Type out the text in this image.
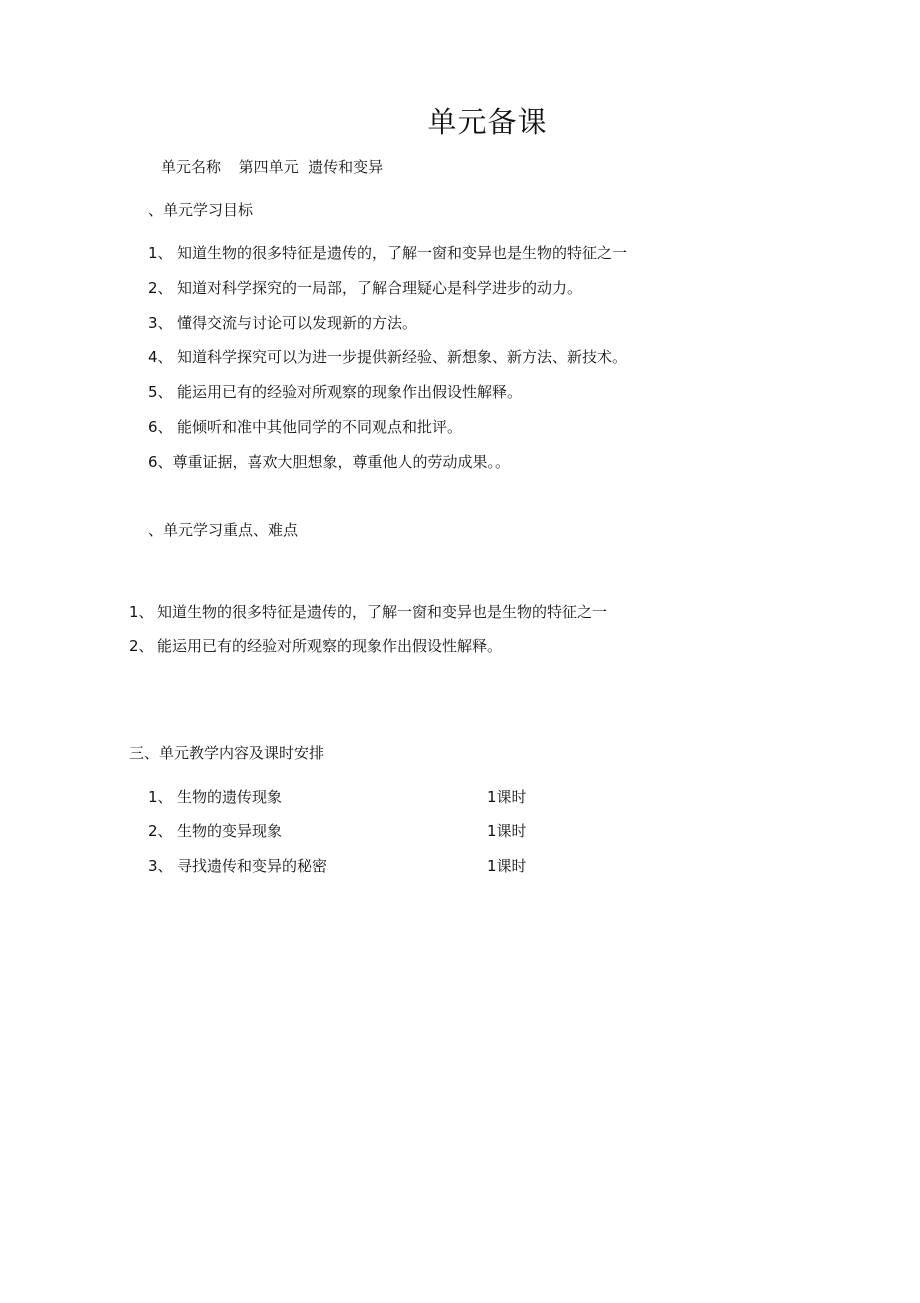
单元备课
单元名称 第四单元  遗传和变异
、单元学习目标
1、 知道生物的很多特征是遗传的，了解一窗和变异也是生物的特征之一
2、 知道对科学探究的一局部，了解合理疑心是科学进步的动力。
3、 懂得交流与讨论可以发现新的方法。
4、 知道科学探究可以为进一步提供新经验、新想象、新方法、新技术。
5、 能运用已有的经验对所观察的现象作出假设性解释。
6、 能倾听和准中其他同学的不同观点和批评。
6、尊重证据，喜欢大胆想象，尊重他人的劳动成果。。
、单元学习重点、难点
1、 知道生物的很多特征是遗传的，了解一窗和变异也是生物的特征之一
2、 能运用已有的经验对所观察的现象作出假设性解释。
三、单元教学内容及课时安排
1、 生物的遗传现象	1课时
2、 生物的变异现象	1课时
3、 寻找遗传和变异的秘密	1课时
